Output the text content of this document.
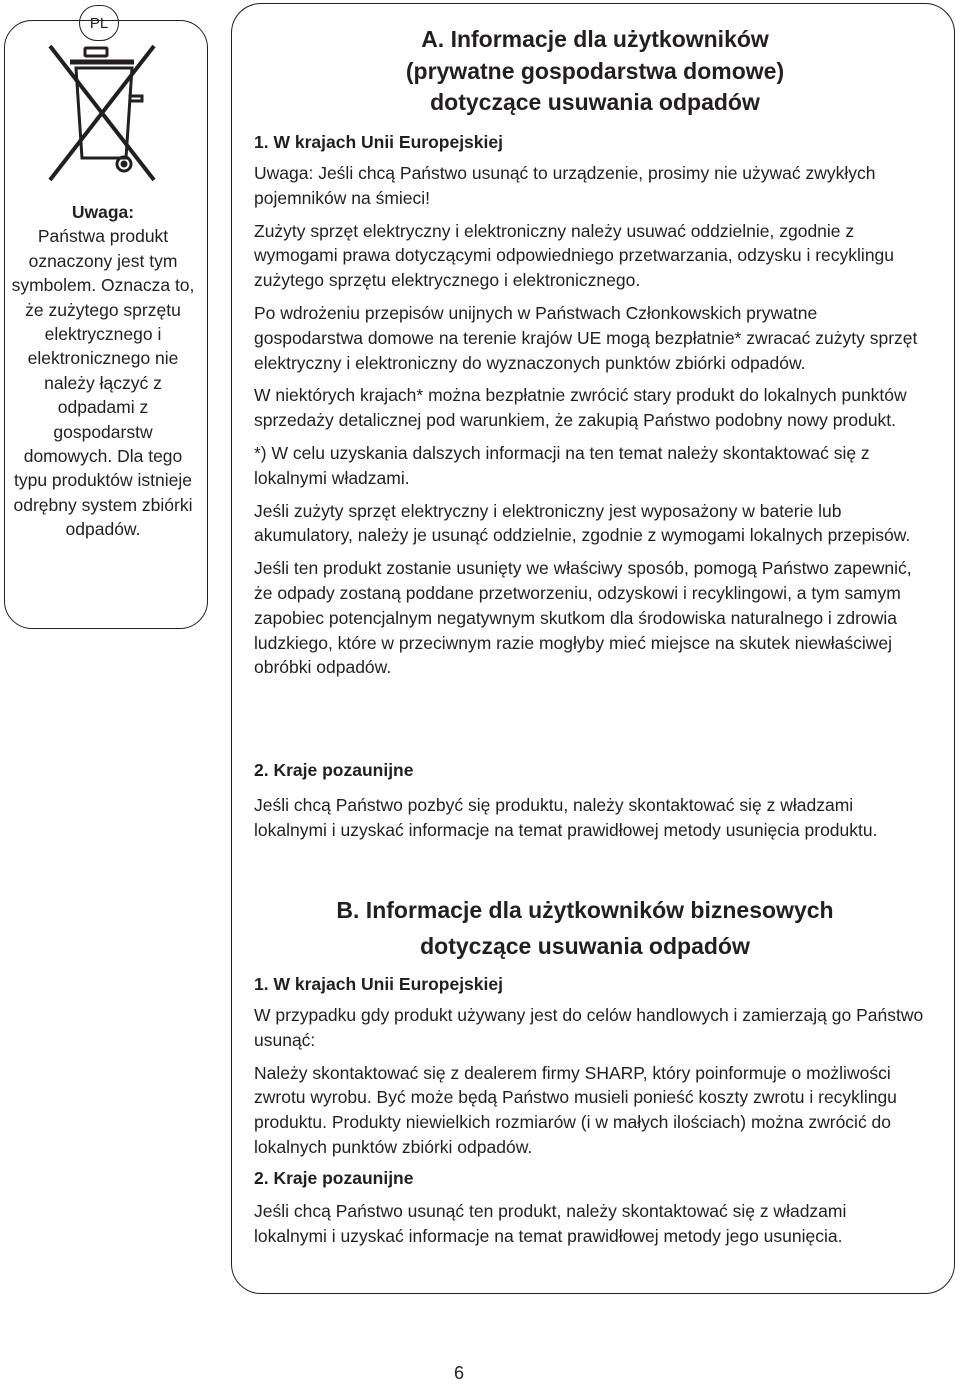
PL
Uwaga:
Państwa produkt oznaczony jest tym symbolem. Oznacza to, że zużytego sprzętu elektrycznego i elektronicznego nie należy łączyć z odpadami z gospodarstw domowych. Dla tego typu produktów istnieje odrębny system zbiórki odpadów.
A. Informacje dla użytkowników
(prywatne gospodarstwa domowe)
dotyczące usuwania odpadów
1. W krajach Unii Europejskiej

Uwaga: Jeśli chcą Państwo usunąć to urządzenie, prosimy nie używać zwykłych pojemników na śmieci!

Zużyty sprzęt elektryczny i elektroniczny należy usuwać oddzielnie, zgodnie z wymogami prawa dotyczącymi odpowiedniego przetwarzania, odzysku i recyklingu zużytego sprzętu elektrycznego i elektronicznego.

Po wdrożeniu przepisów unijnych w Państwach Członkowskich prywatne gospodarstwa domowe na terenie krajów UE mogą bezpłatnie* zwracać zużyty sprzęt elektryczny i elektroniczny do wyznaczonych punktów zbiórki odpadów.

W niektórych krajach* można bezpłatnie zwrócić stary produkt do lokalnych punktów sprzedaży detalicznej pod warunkiem, że zakupią Państwo podobny nowy produkt.

*) W celu uzyskania dalszych informacji na ten temat należy skontaktować się z lokalnymi władzami.

Jeśli zużyty sprzęt elektryczny i elektroniczny jest wyposażony w baterie lub akumulatory, należy je usunąć oddzielnie, zgodnie z wymogami lokalnych przepisów.

Jeśli ten produkt zostanie usunięty we właściwy sposób, pomogą Państwo zapewnić, że odpady zostaną poddane przetworzeniu, odzyskowi i recyklingowi, a tym samym zapobiec potencjalnym negatywnym skutkom dla środowiska naturalnego i zdrowia ludzkiego, które w przeciwnym razie mogłyby mieć miejsce na skutek niewłaściwej obróbki odpadów.

2. Kraje pozaunijne

Jeśli chcą Państwo pozbyć się produktu, należy skontaktować się z władzami lokalnymi i uzyskać informacje na temat prawidłowej metody usunięcia produktu.

B. Informacje dla użytkowników biznesowych
dotyczące usuwania odpadów
1. W krajach Unii Europejskiej

W przypadku gdy produkt używany jest do celów handlowych i zamierzają go Państwo usunąć:

Należy skontaktować się z dealerem firmy SHARP, który poinformuje o możliwości zwrotu wyrobu. Być może będą Państwo musieli ponieść koszty zwrotu i recyklingu produktu. Produkty niewielkich rozmiarów (i w małych ilościach) można zwrócić do lokalnych punktów zbiórki odpadów.

2. Kraje pozaunijne

Jeśli chcą Państwo usunąć ten produkt, należy skontaktować się z władzami lokalnymi i uzyskać informacje na temat prawidłowej metody jego usunięcia.

6
